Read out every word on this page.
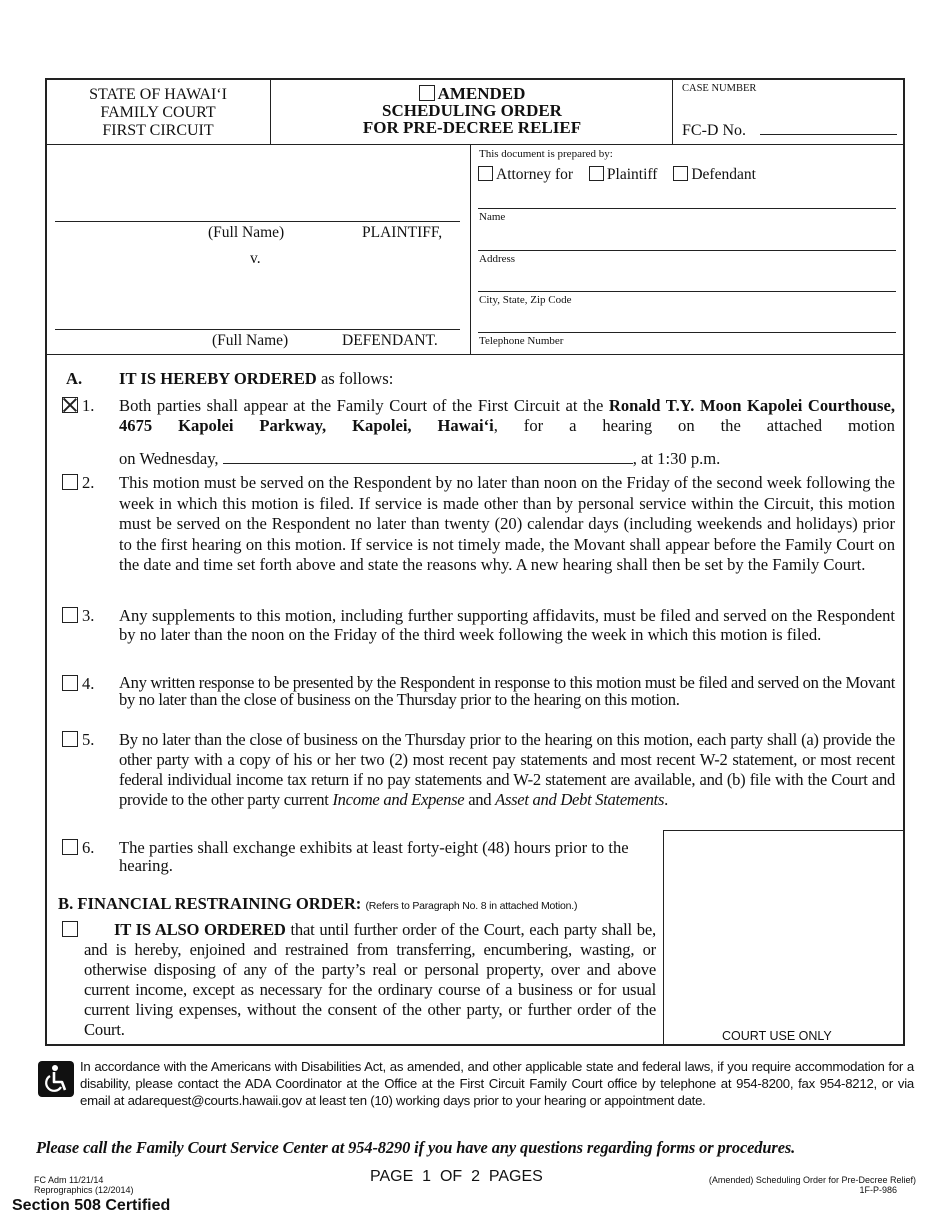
STATE OF HAWAI‘I
FAMILY COURT
FIRST CIRCUIT
AMENDED
SCHEDULING ORDER
FOR PRE-DECREE RELIEF
CASE NUMBER
FC-D No.
(Full Name)	PLAINTIFF,
v.
(Full Name)	DEFENDANT.
This document is prepared by:
Attorney for Plaintiff Defendant
Name
Address
City, State, Zip Code
Telephone Number
A. IT IS HEREBY ORDERED as follows:
1. Both parties shall appear at the Family Court of the First Circuit at the Ronald T.Y. Moon Kapolei Courthouse, 4675 Kapolei Parkway, Kapolei, Hawai‘i, for a hearing on the attached motion
on Wednesday,	, at 1:30 p.m.
2. This motion must be served on the Respondent by no later than noon on the Friday of the second week following the week in which this motion is filed. If service is made other than by personal service within the Circuit, this motion must be served on the Respondent no later than twenty (20) calendar days (including weekends and holidays) prior to the first hearing on this motion. If service is not timely made, the Movant shall appear before the Family Court on the date and time set forth above and state the reasons why. A new hearing shall then be set by the Family Court.
3. Any supplements to this motion, including further supporting affidavits, must be filed and served on the Respondent by no later than the noon on the Friday of the third week following the week in which this motion is filed.
4. Any written response to be presented by the Respondent in response to this motion must be filed and served on the Movant by no later than the close of business on the Thursday prior to the hearing on this motion.
5. By no later than the close of business on the Thursday prior to the hearing on this motion, each party shall (a) provide the other party with a copy of his or her two (2) most recent pay statements and most recent W-2 statement, or most recent federal individual income tax return if no pay statements and W-2 statement are available, and (b) file with the Court and provide to the other party current Income and Expense and Asset and Debt Statements.
COURT USE ONLY
6. The parties shall exchange exhibits at least forty-eight (48) hours prior to the hearing.
B. FINANCIAL RESTRAINING ORDER: (Refers to Paragraph No. 8 in attached Motion.)
IT IS ALSO ORDERED that until further order of the Court, each party shall be, and is hereby, enjoined and restrained from transferring, encumbering, wasting, or otherwise disposing of any of the party’s real or personal property, over and above current income, except as necessary for the ordinary course of a business or for usual current living expenses, without the consent of the other party, or further order of the Court.
In accordance with the Americans with Disabilities Act, as amended, and other applicable state and federal laws, if you require accommodation for a disability, please contact the ADA Coordinator at the Office at the First Circuit Family Court office by telephone at 954-8200, fax 954-8212, or via email at adarequest@courts.hawaii.gov at least ten (10) working days prior to your hearing or appointment date.
Please call the Family Court Service Center at 954-8290 if you have any questions regarding forms or procedures.
FC Adm 11/21/14
Reprographics (12/2014)
PAGE  1  OF  2  PAGES	(Amended) Scheduling Order for Pre-Decree Relief)
1F-P-986
Section 508 Certified
